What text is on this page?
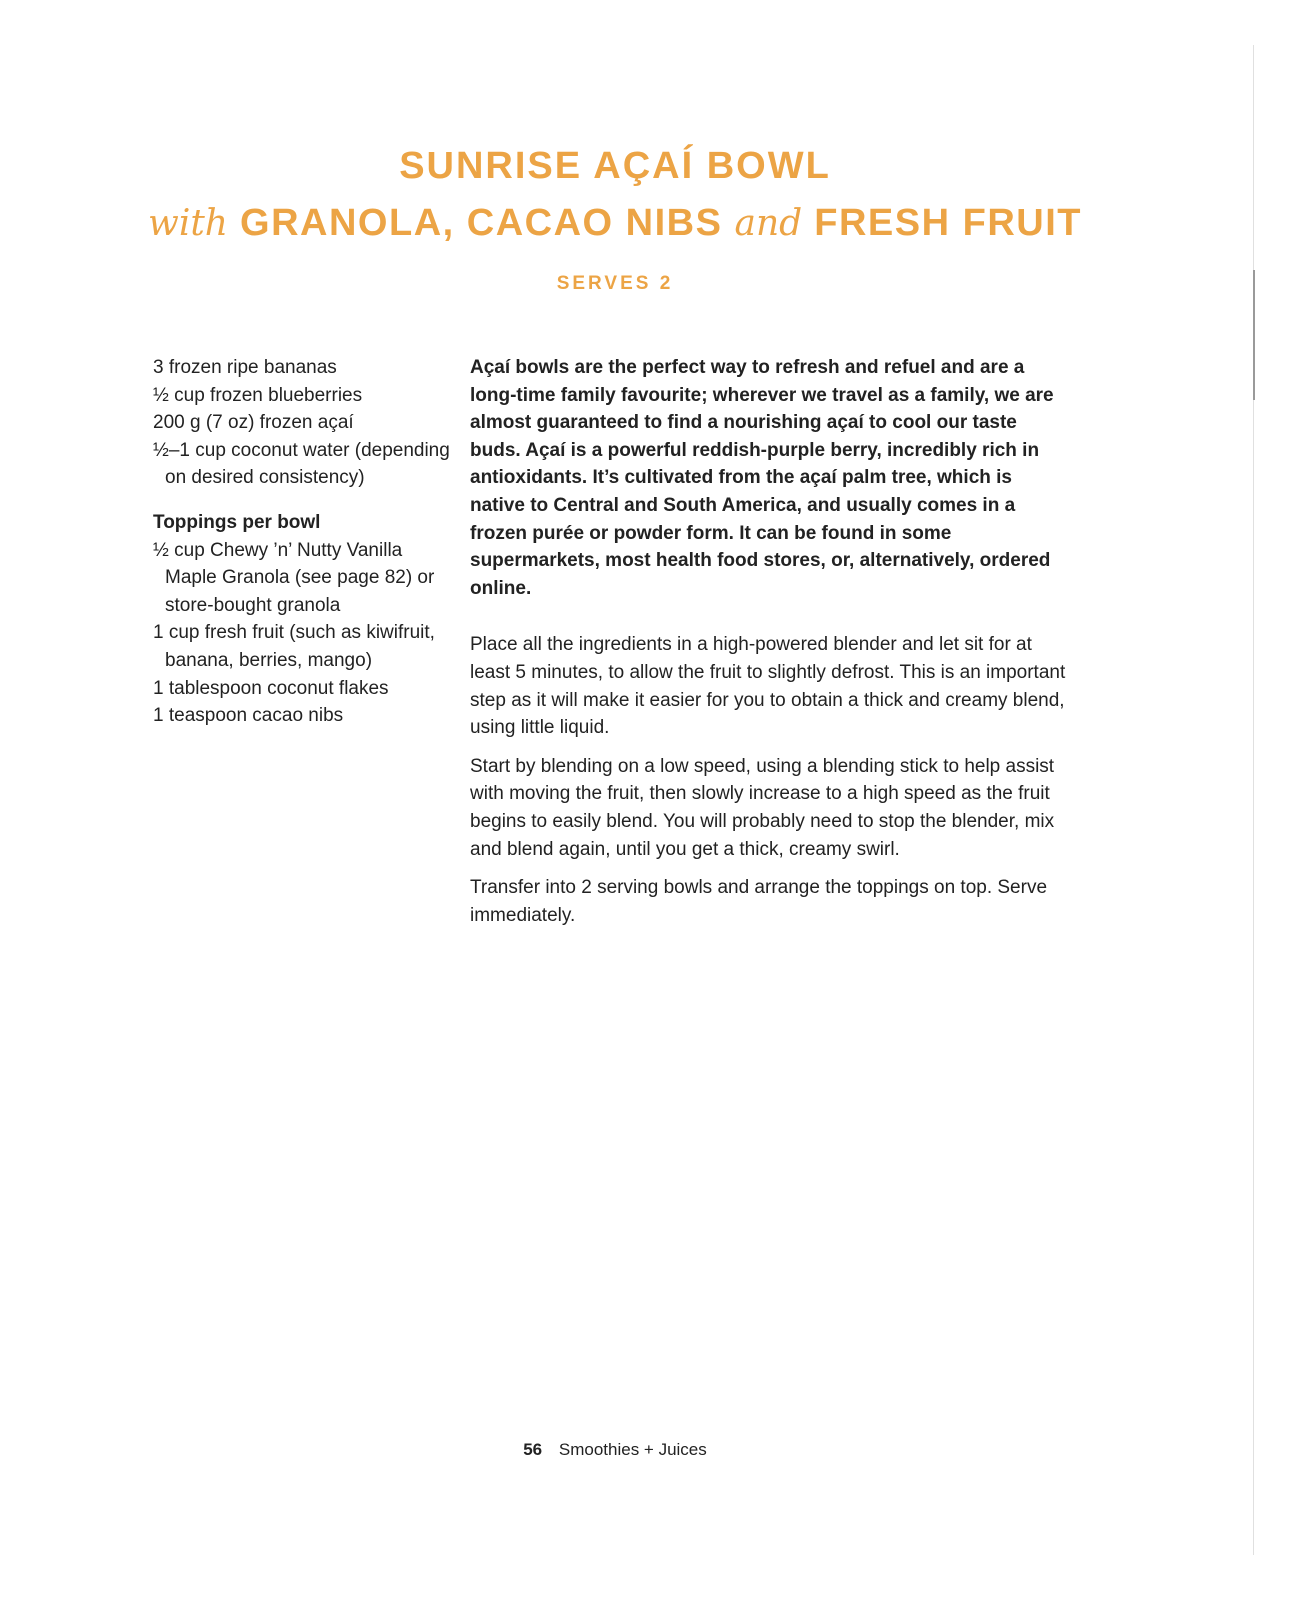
SUNRISE AÇAÍ BOWL
with GRANOLA, CACAO NIBS and FRESH FRUIT
SERVES 2
3 frozen ripe bananas
½ cup frozen blueberries
200 g (7 oz) frozen açaí
½–1 cup coconut water (depending on desired consistency)
Toppings per bowl
½ cup Chewy ’n’ Nutty Vanilla Maple Granola (see page 82) or store-bought granola
1 cup fresh fruit (such as kiwifruit, banana, berries, mango)
1 tablespoon coconut flakes
1 teaspoon cacao nibs

Açaí bowls are the perfect way to refresh and refuel and are a long-time family favourite; wherever we travel as a family, we are almost guaranteed to find a nourishing açaí to cool our taste buds. Açaí is a powerful reddish-purple berry, incredibly rich in antioxidants. It’s cultivated from the açaí palm tree, which is native to Central and South America, and usually comes in a frozen purée or powder form. It can be found in some supermarkets, most health food stores, or, alternatively, ordered online.

Place all the ingredients in a high-powered blender and let sit for at least 5 minutes, to allow the fruit to slightly defrost. This is an important step as it will make it easier for you to obtain a thick and creamy blend, using little liquid.

Start by blending on a low speed, using a blending stick to help assist with moving the fruit, then slowly increase to a high speed as the fruit begins to easily blend. You will probably need to stop the blender, mix and blend again, until you get a thick, creamy swirl.

Transfer into 2 serving bowls and arrange the toppings on top. Serve immediately.

56 Smoothies + Juices
